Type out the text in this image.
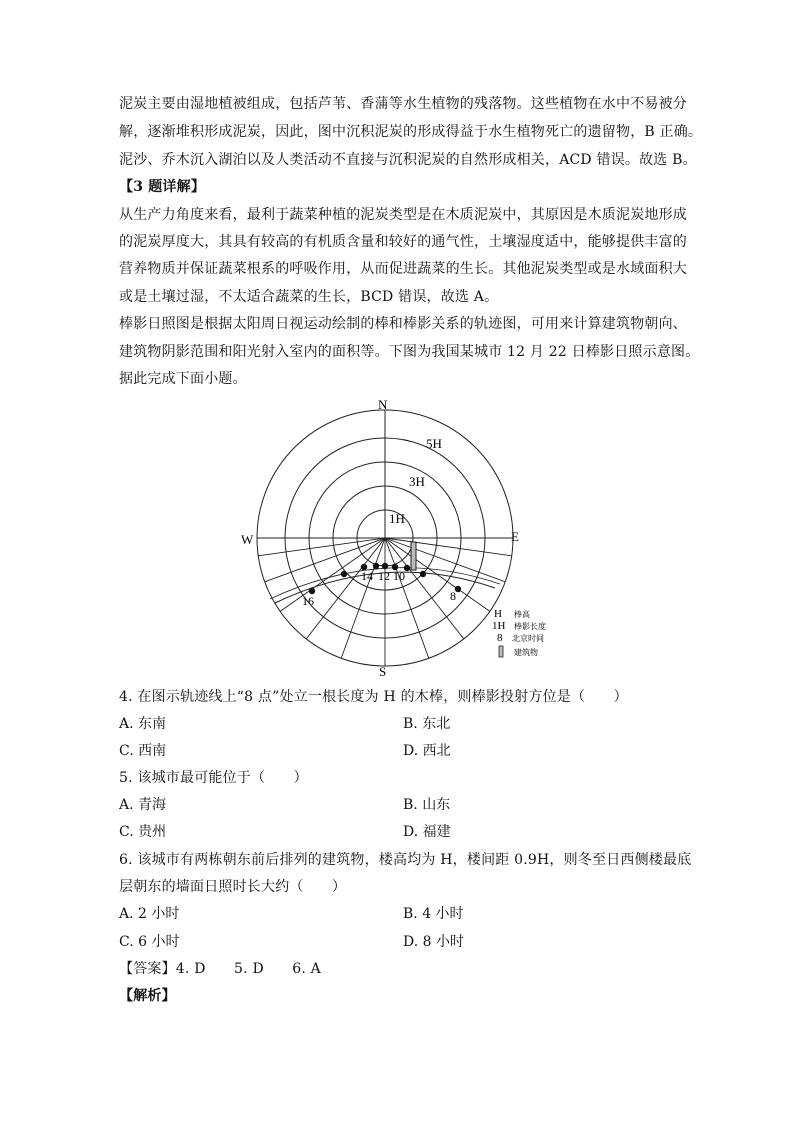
泥炭主要由湿地植被组成，包括芦苇、香蒲等水生植物的残落物。这些植物在水中不易被分
解，逐渐堆积形成泥炭，因此，图中沉积泥炭的形成得益于水生植物死亡的遗留物，B 正确。
泥沙、乔木沉入湖泊以及人类活动不直接与沉积泥炭的自然形成相关，ACD 错误。故选 B。
【3 题详解】
从生产力角度来看，最利于蔬菜种植的泥炭类型是在木质泥炭中，其原因是木质泥炭地形成
的泥炭厚度大，其具有较高的有机质含量和较好的通气性，土壤湿度适中，能够提供丰富的
营养物质并保证蔬菜根系的呼吸作用，从而促进蔬菜的生长。其他泥炭类型或是水域面积大
或是土壤过湿，不太适合蔬菜的生长，BCD 错误，故选 A。
棒影日照图是根据太阳周日视运动绘制的棒和棒影关系的轨迹图，可用来计算建筑物朝向、
建筑物阴影范围和阳光射入室内的面积等。下图为我国某城市 12 月 22 日棒影日照示意图。
据此完成下面小题。
N
S
E
W
1H
3H
5H
14 12 10
16	8
H 棒高
1H 棒影长度
8 北京时间
建筑物
4. 在图示轨迹线上“8 点”处立一根长度为 H 的木棒，则棒影投射方位是（　　）
A. 东南	B. 东北
C. 西南	D. 西北
5. 该城市最可能位于（　　）
A. 青海	B. 山东
C. 贵州	D. 福建
6. 该城市有两栋朝东前后排列的建筑物，楼高均为 H，楼间距 0.9H，则冬至日西侧楼最底
层朝东的墙面日照时长大约（　　）
A. 2 小时	B. 4 小时
C. 6 小时	D. 8 小时
【答案】4. D　　5. D　　6. A
【解析】
